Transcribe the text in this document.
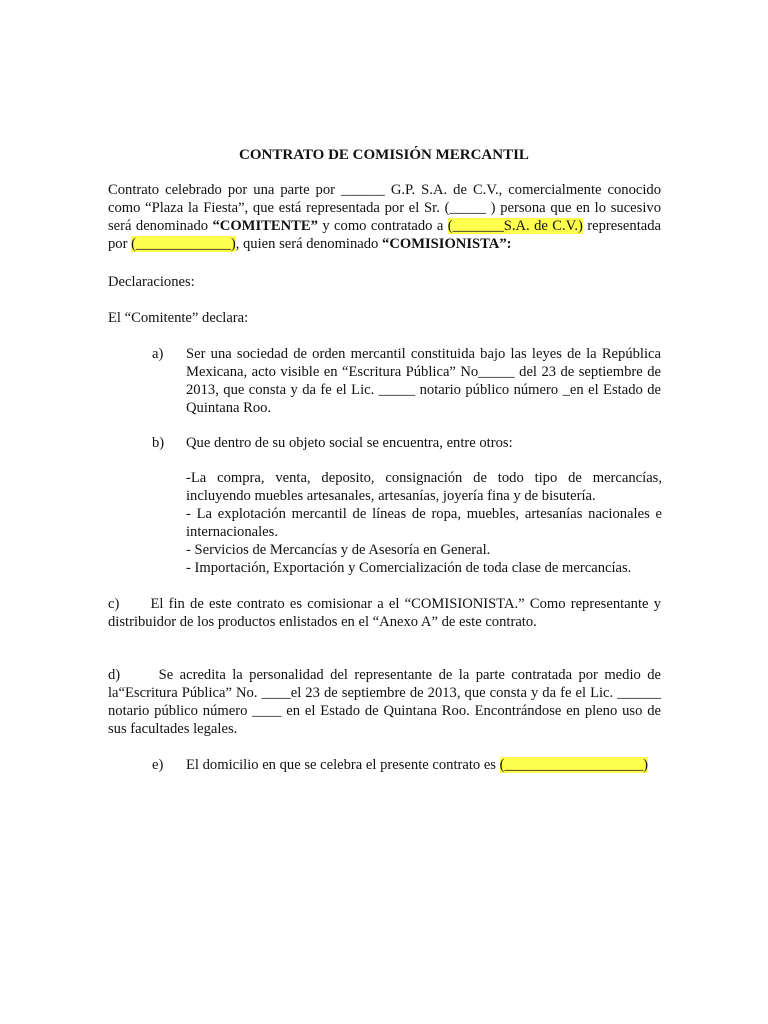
CONTRATO DE COMISIÓN MERCANTIL
Contrato celebrado por una parte por ______ G.P. S.A. de C.V., comercialmente conocido como “Plaza la Fiesta”, que está representada por el Sr. (_____ ) persona que en lo sucesivo será denominado “COMITENTE” y como contratado a (_______S.A. de C.V.) representada por (_____________), quien será denominado “COMISIONISTA”:
Declaraciones:
El “Comitente” declara:
a) Ser una sociedad de orden mercantil constituida bajo las leyes de la República Mexicana, acto visible en “Escritura Pública” No_____ del 23 de septiembre de 2013, que consta y da fe el Lic. _____ notario público número _en el Estado de Quintana Roo.
b) Que dentro de su objeto social se encuentra, entre otros:

-La compra, venta, deposito, consignación de todo tipo de mercancías, incluyendo muebles artesanales, artesanías, joyería fina y de bisutería.

- La explotación mercantil de líneas de ropa, muebles, artesanías nacionales e internacionales.

- Servicios de Mercancías y de Asesoría en General.

- Importación, Exportación y Comercialización de toda clase de mercancías.

c)      El fin de este contrato es comisionar a el “COMISIONISTA.” Como representante y distribuidor de los productos enlistados en el “Anexo A” de este contrato.
d)      Se acredita la personalidad del representante de la parte contratada por medio de la“Escritura Pública” No. ____el 23 de septiembre de 2013, que consta y da fe el Lic. ______ notario público número ____ en el Estado de Quintana Roo. Encontrándose en pleno uso de sus facultades legales.
e) El domicilio en que se celebra el presente contrato es (___________________)
